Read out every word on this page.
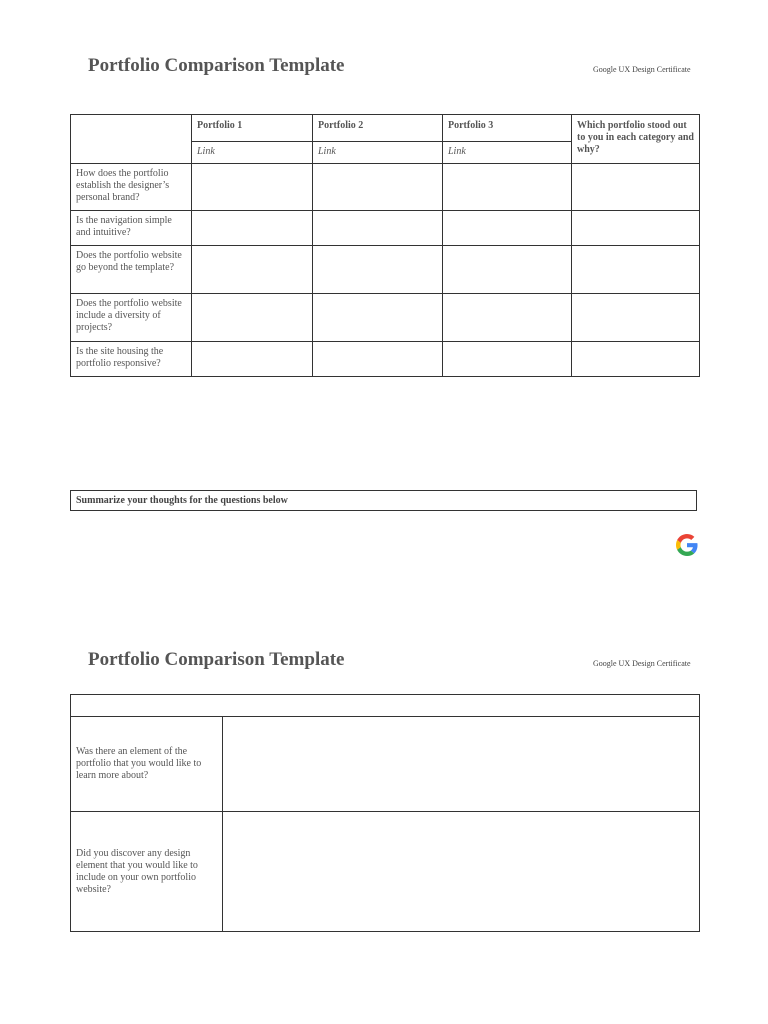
Portfolio Comparison Template	Google UX Design Certificate
	Portfolio 1	Portfolio 2	Portfolio 3	Which portfolio stood out to you in each category and why?
	Link	Link	Link	
How does the portfolio establish the designer’s personal brand?				
Is the navigation simple and intuitive?				
Does the portfolio website go beyond the template?				
Does the portfolio website include a diversity of projects?				
Is the site housing the portfolio responsive?				
Summarize your thoughts for the questions below
Portfolio Comparison Template	Google UX Design Certificate

Was there an element of the portfolio that you would like to learn more about?	
Did you discover any design element that you would like to include on your own portfolio website?	
